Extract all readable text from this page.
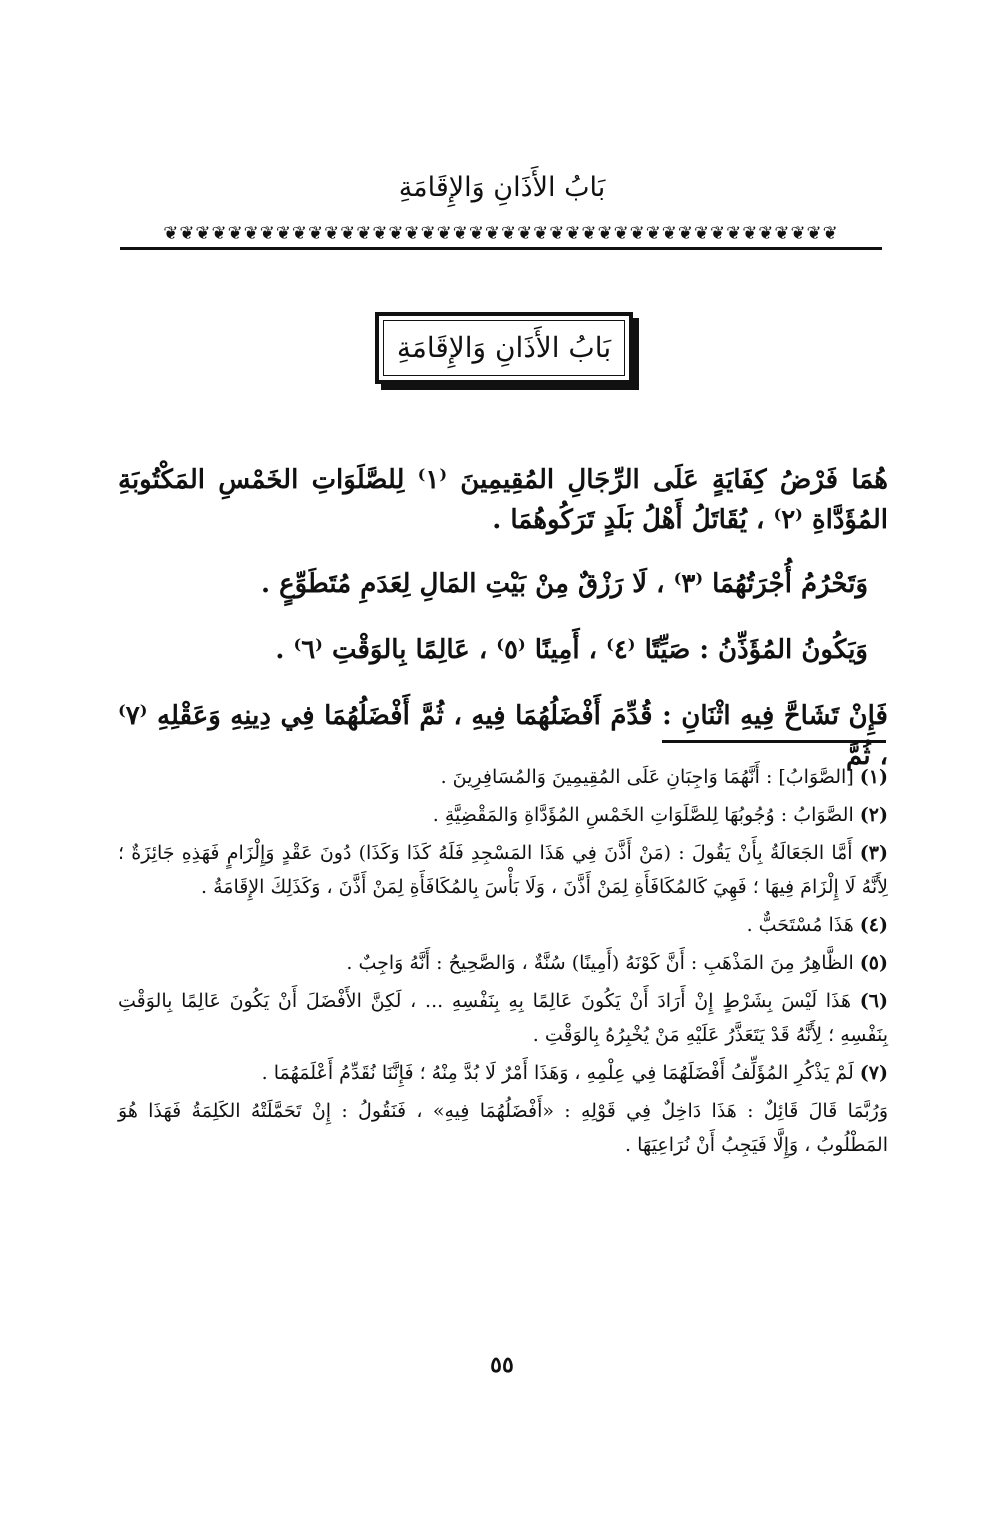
بَابُ الأَذَانِ وَالإِقَامَةِ
❦❦❦❦❦❦❦❦❦❦❦❦❦❦❦❦❦❦❦❦❦❦❦❦❦❦❦❦❦❦❦❦❦❦❦❦❦❦❦❦❦❦
بَابُ الأَذَانِ وَالإِقَامَةِ

هُمَا فَرْضُ كِفَايَةٍ عَلَى الرِّجَالِ المُقِيمِينَ ⁽١⁾ لِلصَّلَوَاتِ الخَمْسِ المَكْتُوبَةِ المُؤَدَّاةِ ⁽٢⁾ ، يُقَاتَلُ أَهْلُ بَلَدٍ تَرَكُوهُمَا .

وَتَحْرُمُ أُجْرَتُهُمَا ⁽٣⁾ ، لَا رَزْقٌ مِنْ بَيْتِ المَالِ لِعَدَمِ مُتَطَوِّعٍ .

وَيَكُونُ المُؤَذِّنُ : صَيِّتًا ⁽٤⁾ ، أَمِينًا ⁽٥⁾ ، عَالِمًا بِالوَقْتِ ⁽٦⁾ .

فَإِنْ تَشَاحَّ فِيهِ اثْنَانِ : قُدِّمَ أَفْضَلُهُمَا فِيهِ ، ثُمَّ أَفْضَلُهُمَا فِي دِينِهِ وَعَقْلِهِ ⁽٧⁾ ، ثُمَّ

(١) [الصَّوَابُ] : أَنَّهُمَا وَاجِبَانِ عَلَى المُقِيمِينَ وَالمُسَافِرِينَ .

(٢) الصَّوَابُ : وُجُوبُهَا لِلصَّلَوَاتِ الخَمْسِ المُؤَدَّاةِ وَالمَقْضِيَّةِ .

(٣) أَمَّا الجَعَالَةُ بِأَنْ يَقُولَ : (مَنْ أَذَّنَ فِي هَذَا المَسْجِدِ فَلَهُ كَذَا وَكَذَا) دُونَ عَقْدٍ وَإِلْزَامٍ فَهَذِهِ جَائِزَةٌ ؛ لِأَنَّهُ لَا إِلْزَامَ فِيهَا ؛ فَهِيَ كَالمُكَافَأَةِ لِمَنْ أَذَّنَ ، وَلَا بَأْسَ بِالمُكَافَأَةِ لِمَنْ أَذَّنَ ، وَكَذَلِكَ الإِقَامَةُ .

(٤) هَذَا مُسْتَحَبٌّ .

(٥) الظَّاهِرُ مِنَ المَذْهَبِ : أَنَّ كَوْنَهُ (أَمِينًا) سُنَّةٌ ، وَالصَّحِيحُ : أَنَّهُ وَاجِبٌ .

(٦) هَذَا لَيْسَ بِشَرْطٍ إِنْ أَرَادَ أَنْ يَكُونَ عَالِمًا بِهِ بِنَفْسِهِ ... ، لَكِنَّ الأَفْضَلَ أَنْ يَكُونَ عَالِمًا بِالوَقْتِ بِنَفْسِهِ ؛ لِأَنَّهُ قَدْ يَتَعَذَّرُ عَلَيْهِ مَنْ يُخْبِرُهُ بِالوَقْتِ .

(٧) لَمْ يَذْكُرِ المُؤَلِّفُ أَفْضَلَهُمَا فِي عِلْمِهِ ، وَهَذَا أَمْرٌ لَا بُدَّ مِنْهُ ؛ فَإِنَّنَا نُقَدِّمُ أَعْلَمَهُمَا .

وَرُبَّمَا قَالَ قَائِلٌ : هَذَا دَاخِلٌ فِي قَوْلِهِ : «أَفْضَلُهُمَا فِيهِ» ، فَنَقُولُ : إِنْ تَحَمَّلَتْهُ الكَلِمَةُ فَهَذَا هُوَ المَطْلُوبُ ، وَإِلَّا فَيَجِبُ أَنْ نُرَاعِيَهَا .

٥٥
